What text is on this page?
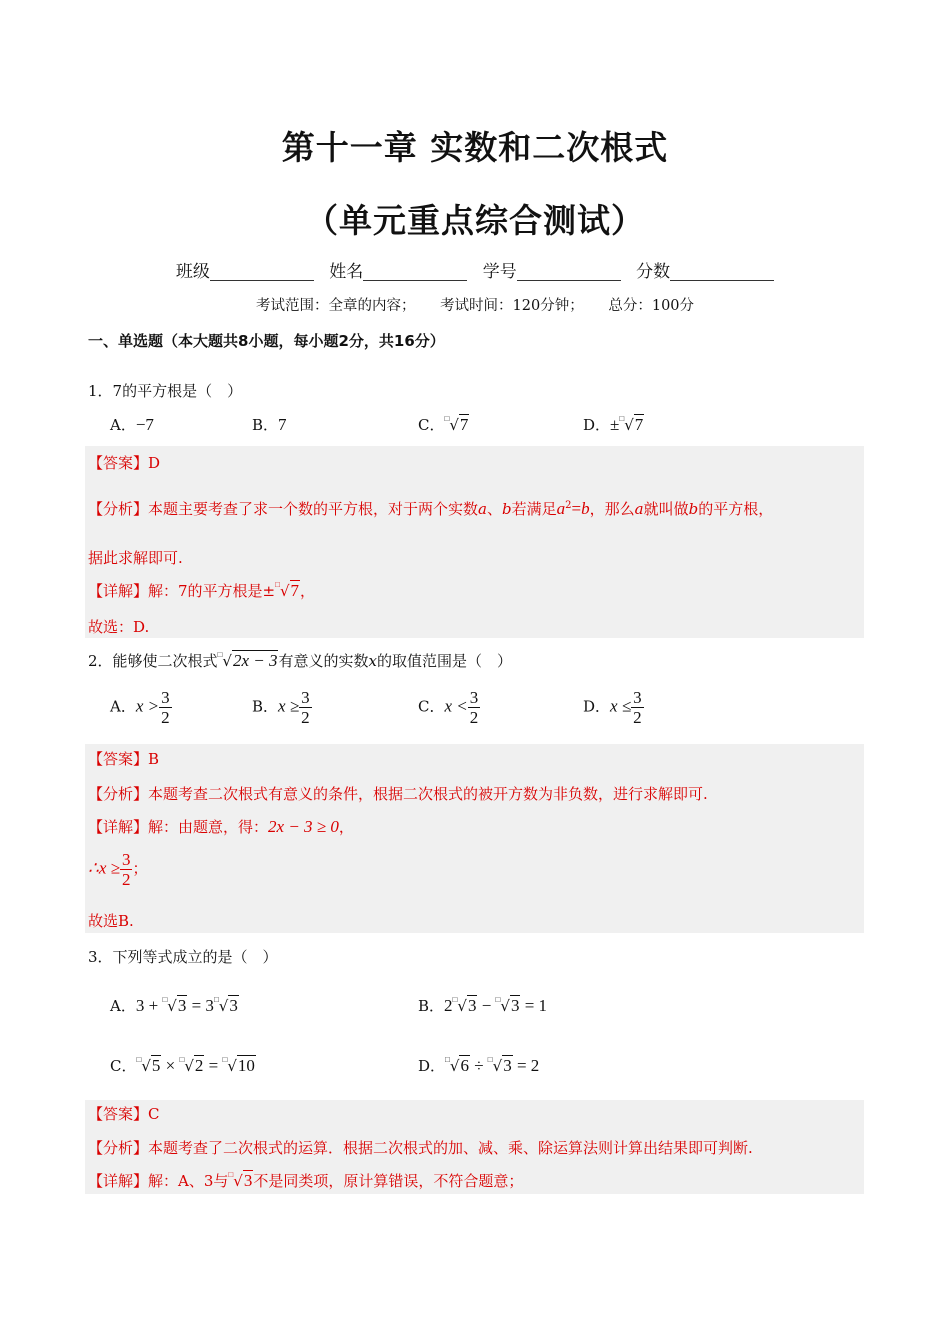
第十一章 实数和二次根式
（单元重点综合测试）
班级	姓名	学号	分数
考试范围：全章的内容； 考试时间：120分钟； 总分：100分
一、单选题（本大题共8小题，每小题2分，共16分）
1．7的平方根是（　）
A．−7	B．7	C．□√7	D．±□√7
【答案】D
【分析】本题主要考查了求一个数的平方根，对于两个实数a、b若满足$a^2=b$，那么a就叫做b的平方根，
据此求解即可.
【详解】解：7的平方根是±□√7，
故选：D.
2．能够使二次根式□√2x − 3有意义的实数x的取值范围是（　）
A．$x > \frac{3}{2}$	B．$x \ge \frac{3}{2}$	C．$x < \frac{3}{2}$	D．$x \le \frac{3}{2}$
【答案】B
【分析】本题考查二次根式有意义的条件，根据二次根式的被开方数为非负数，进行求解即可.
【详解】解：由题意，得：2x − 3 ≥ 0，
∴x ≥ $\frac{3}{2}$ ；
故选B.
3．下列等式成立的是（　）
A．3 + □√3 = 3□√3	B．2□√3 − □√3 = 1
C．□√5 × □√2 = □√10	D．□√6 ÷ □√3 = 2
【答案】C
【分析】本题考查了二次根式的运算．根据二次根式的加、减、乘、除运算法则计算出结果即可判断.
【详解】解：A、3与□√3不是同类项，原计算错误，不符合题意；
